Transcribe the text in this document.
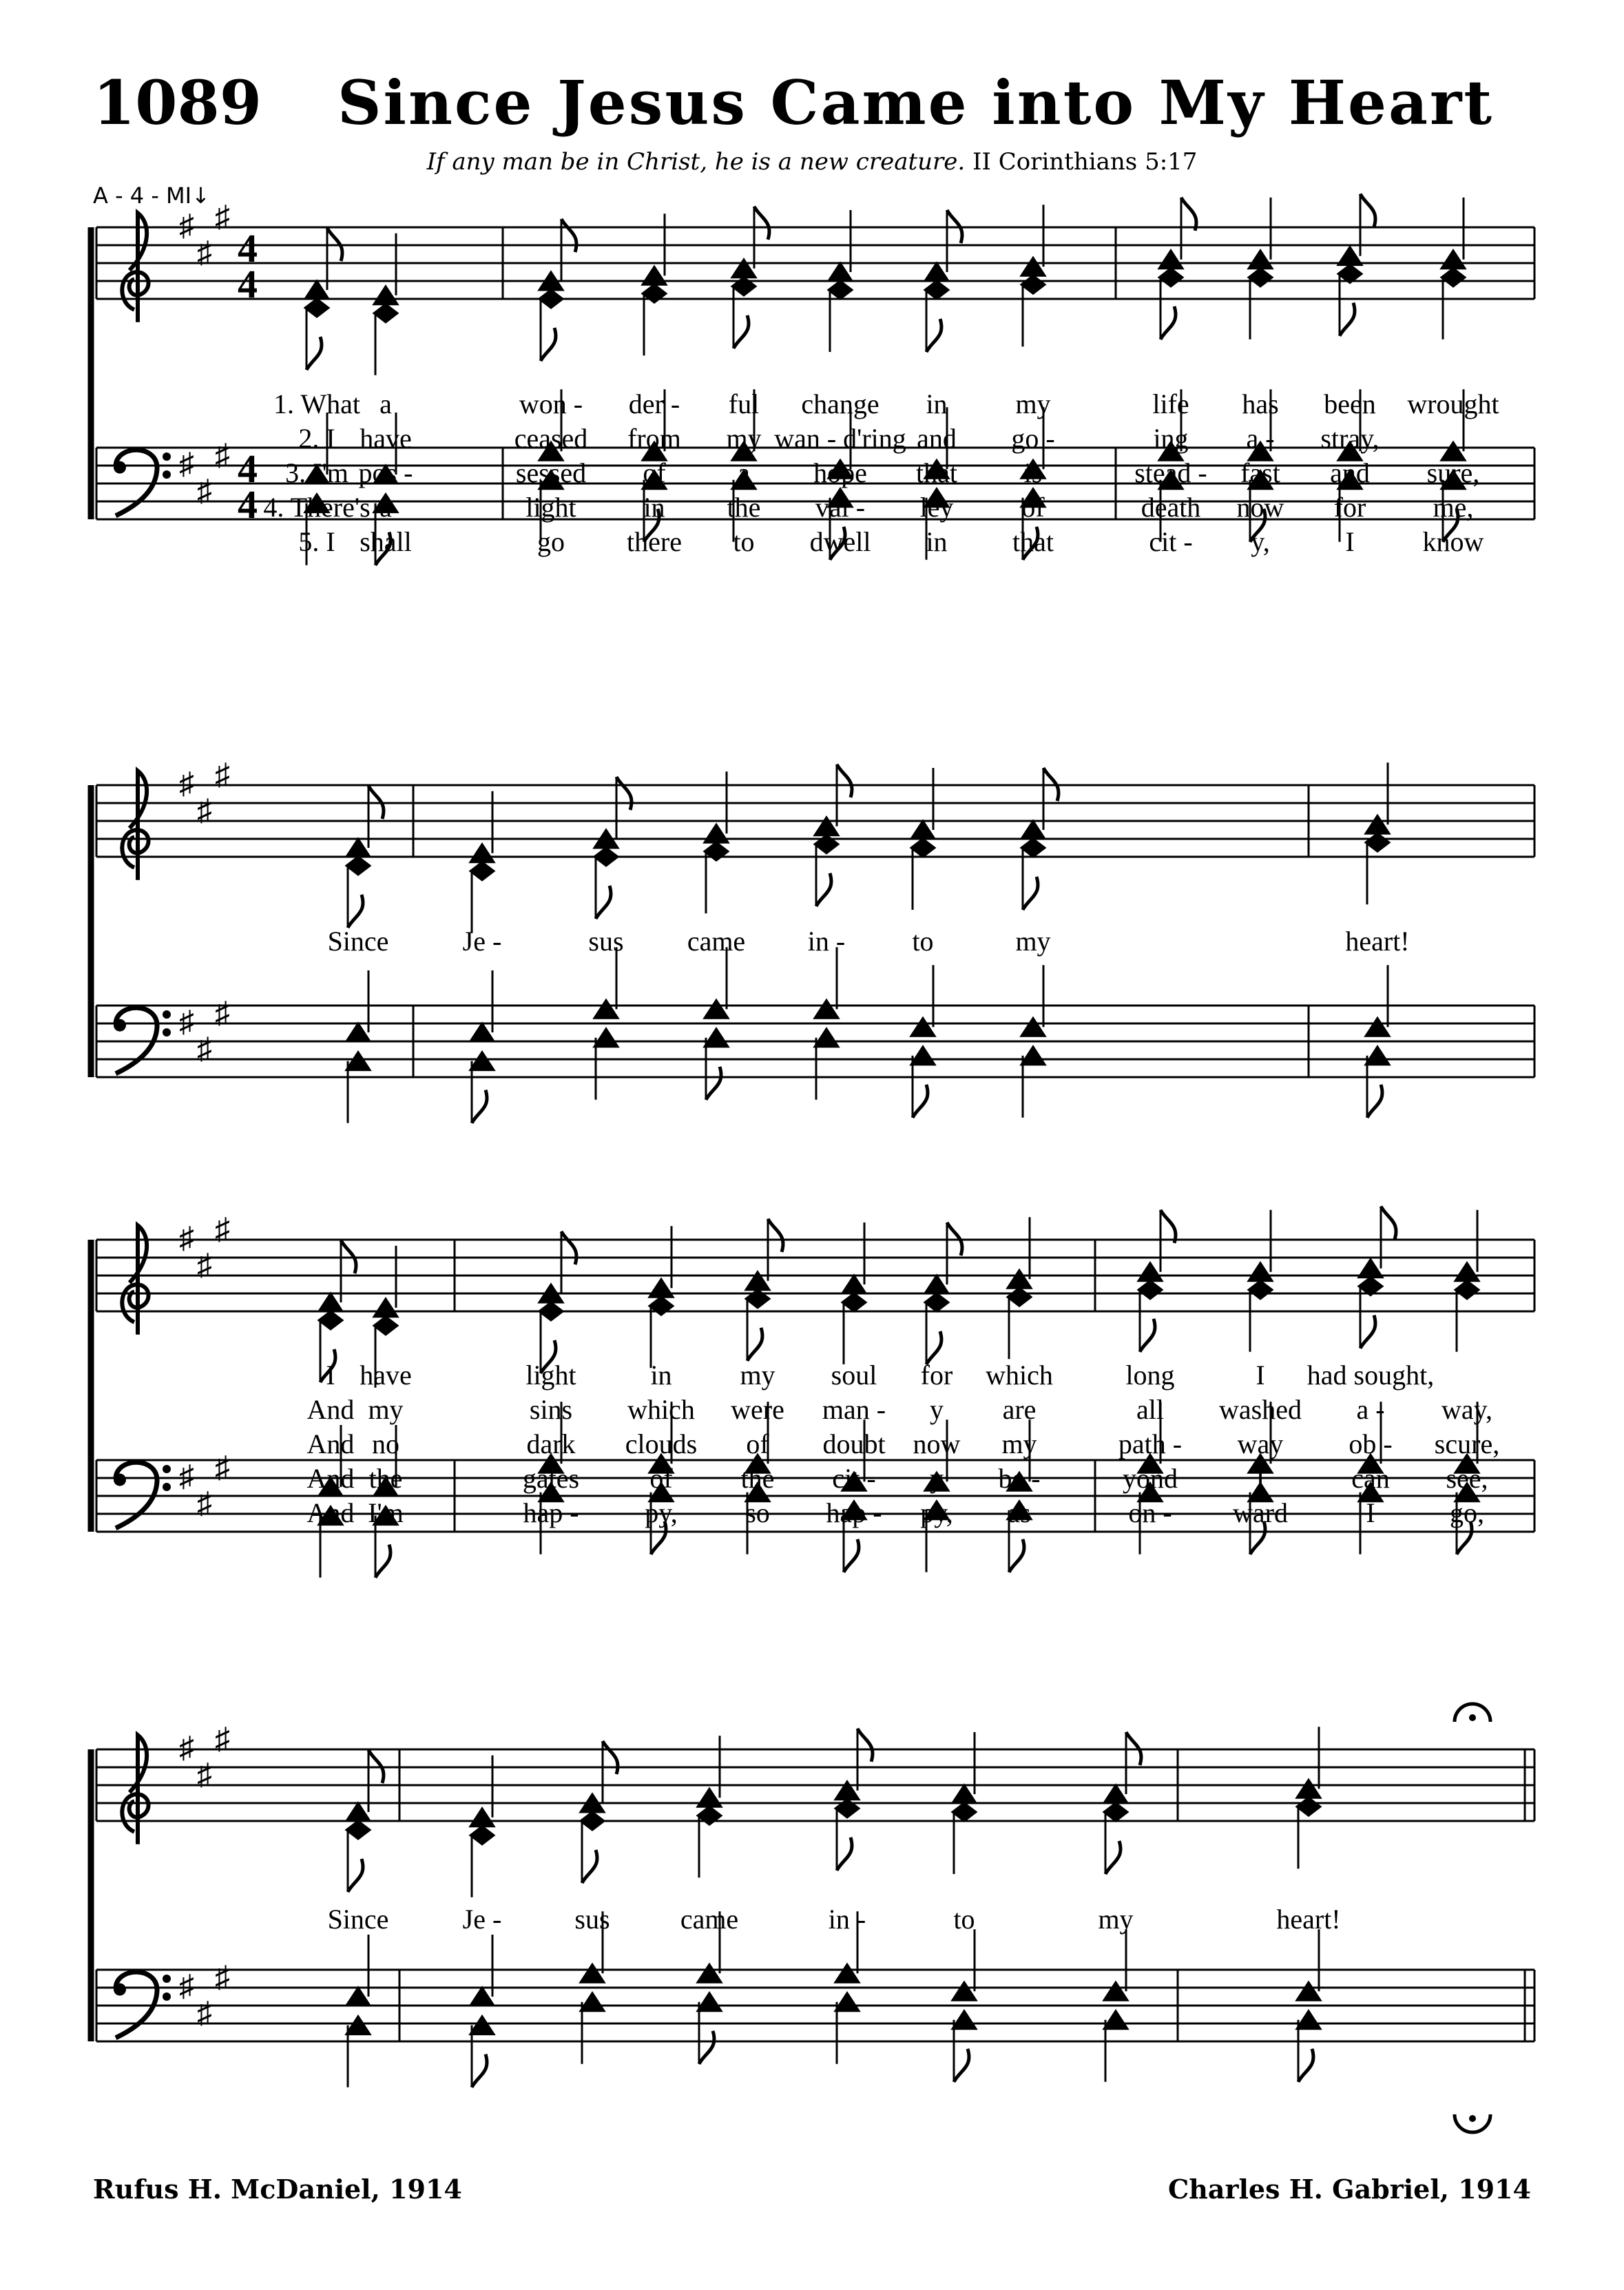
1089 Since Jesus Came into My Heart
If any man be in Christ, he is a new creature. II Corinthians 5:17
A - 4 - MI↓
♯
♯
♯
♯
♯
♯
4
4
4
4
♯
♯
♯
♯
♯
♯
♯
♯
♯
♯
♯
♯
♯
♯
♯
♯
♯
♯
1. What a	won - der - ful change in my	life has been wrought
2. I have	ceased from my wan - d'ring and go -	ing a - stray,
3. I'm pos -	sessed of	a hope that is	stead - fast and sure,
4. There's a	light in the val - ley of	death now for me,
5. I shall	go there to dwell in that	cit - y,	I know
Since	Je -	sus came in - to	my	heart!
I have	light	in my soul for which	long	I had sought,
And my	sins which were man - y are	all washed a - way,
And no	dark clouds of doubt now my	path - way ob - scure,
And the	gates	of the cit - y be -	yond	I	can see,
And I'm	hap - py, so hap - py, as	on - ward	I	go,
Since	Je -	sus	came	in -	to	my	heart!
Rufus H. McDaniel, 1914	Charles H. Gabriel, 1914
